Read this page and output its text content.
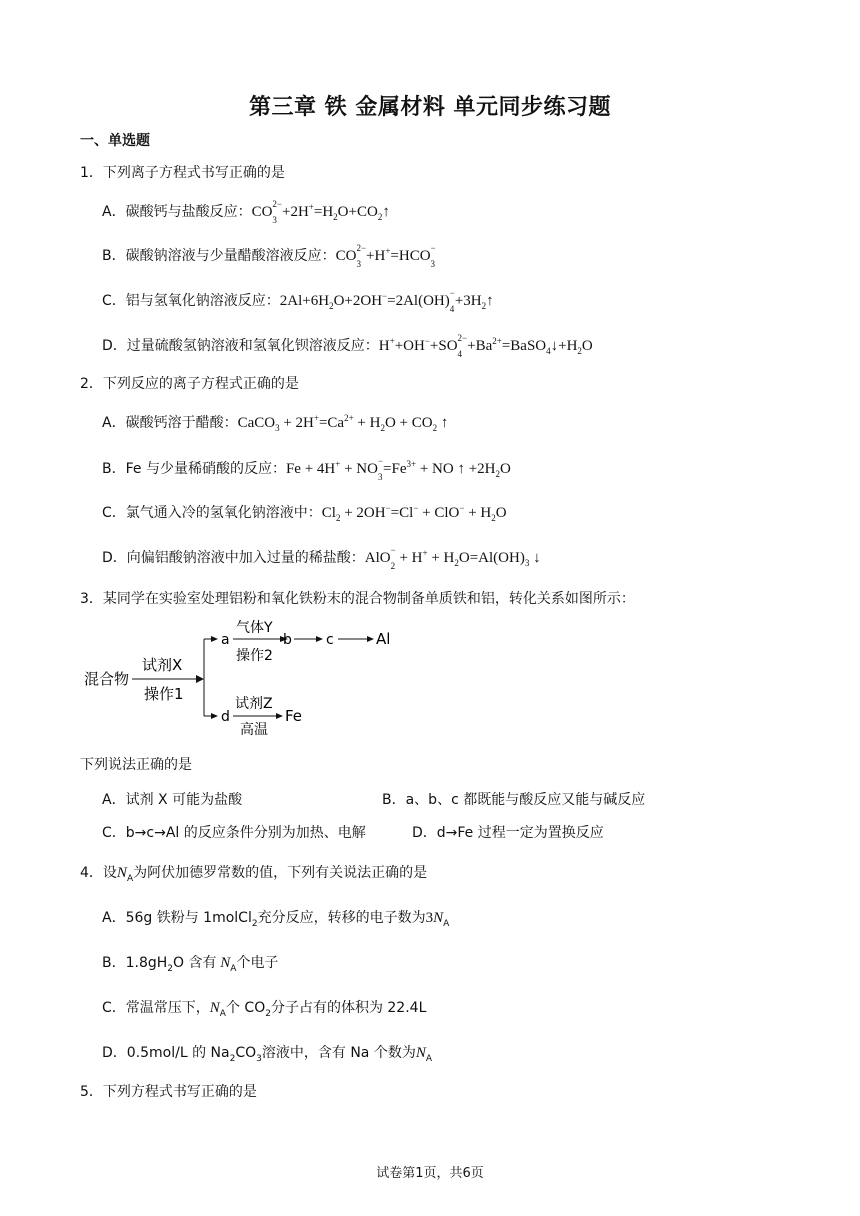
第三章 铁 金属材料 单元同步练习题
一、单选题
1．下列离子方程式书写正确的是
A．碳酸钙与盐酸反应：$CO^{2-}$
$_3 +2H^+=H_2O+CO_2↑$
B．碳酸钠溶液与少量醋酸溶液反应：$CO^{2-}$
$_3$ +H+=HCO−
$_3$
C．铝与氢氧化钠溶液反应：$2Al+6H_2O+2OH^-=2Al(OH)^-$
$_4+3H_2↑$
D．过量硫酸氢钠溶液和氢氧化钡溶液反应：$H^++OH^-+SO^{2-}$
$_4 +Ba^{2+}=BaSO_4↓+H_2O$
2．下列反应的离子方程式正确的是
A．碳酸钙溶于醋酸：CaCO$_3$ + $2H^+=Ca^{2+} + H_2O + CO_2$ ↑
B．Fe 与少量稀硝酸的反应：Fe + 4H+ + NO−
$_3=Fe^{3+}$ + NO ↑ $+2H_2O$
C．氯气通入冷的氢氧化钠溶液中：$Cl_2 + 2OH^-=Cl^- + ClO^- + H_2O$
D．向偏铝酸钠溶液中加入过量的稀盐酸：AlO−
$_2 + H^+ + H_2O=Al(OH)_3$ ↓
3．某同学在实验室处理铝粉和氧化铁粉末的混合物制备单质铁和铝，转化关系如图所示：
混合物
试剂X
操作1
a
气体Y
操作2
b c	Al
d
试剂Z
高温
Fe
下列说法正确的是
A．试剂 X 可能为盐酸	B．a、b、c 都既能与酸反应又能与碱反应
C．b→c→Al 的反应条件分别为加热、电解	D．d→Fe 过程一定为置换反应
4．设$N_A$为阿伏加德罗常数的值，下列有关说法正确的是
A．56g 铁粉与 1molCl$_2$充分反应，转移的电子数为$3N_A$
B．$1.8gH_2O$ 含有 $N_A$个电子
C．常温常压下，$N_A$个 $CO_2$分子占有的体积为 22.4L
D．0.5mol/L 的 $Na_2CO_3$溶液中，含有 Na 个数为$N_A$
5．下列方程式书写正确的是
试卷第1页，共6页
